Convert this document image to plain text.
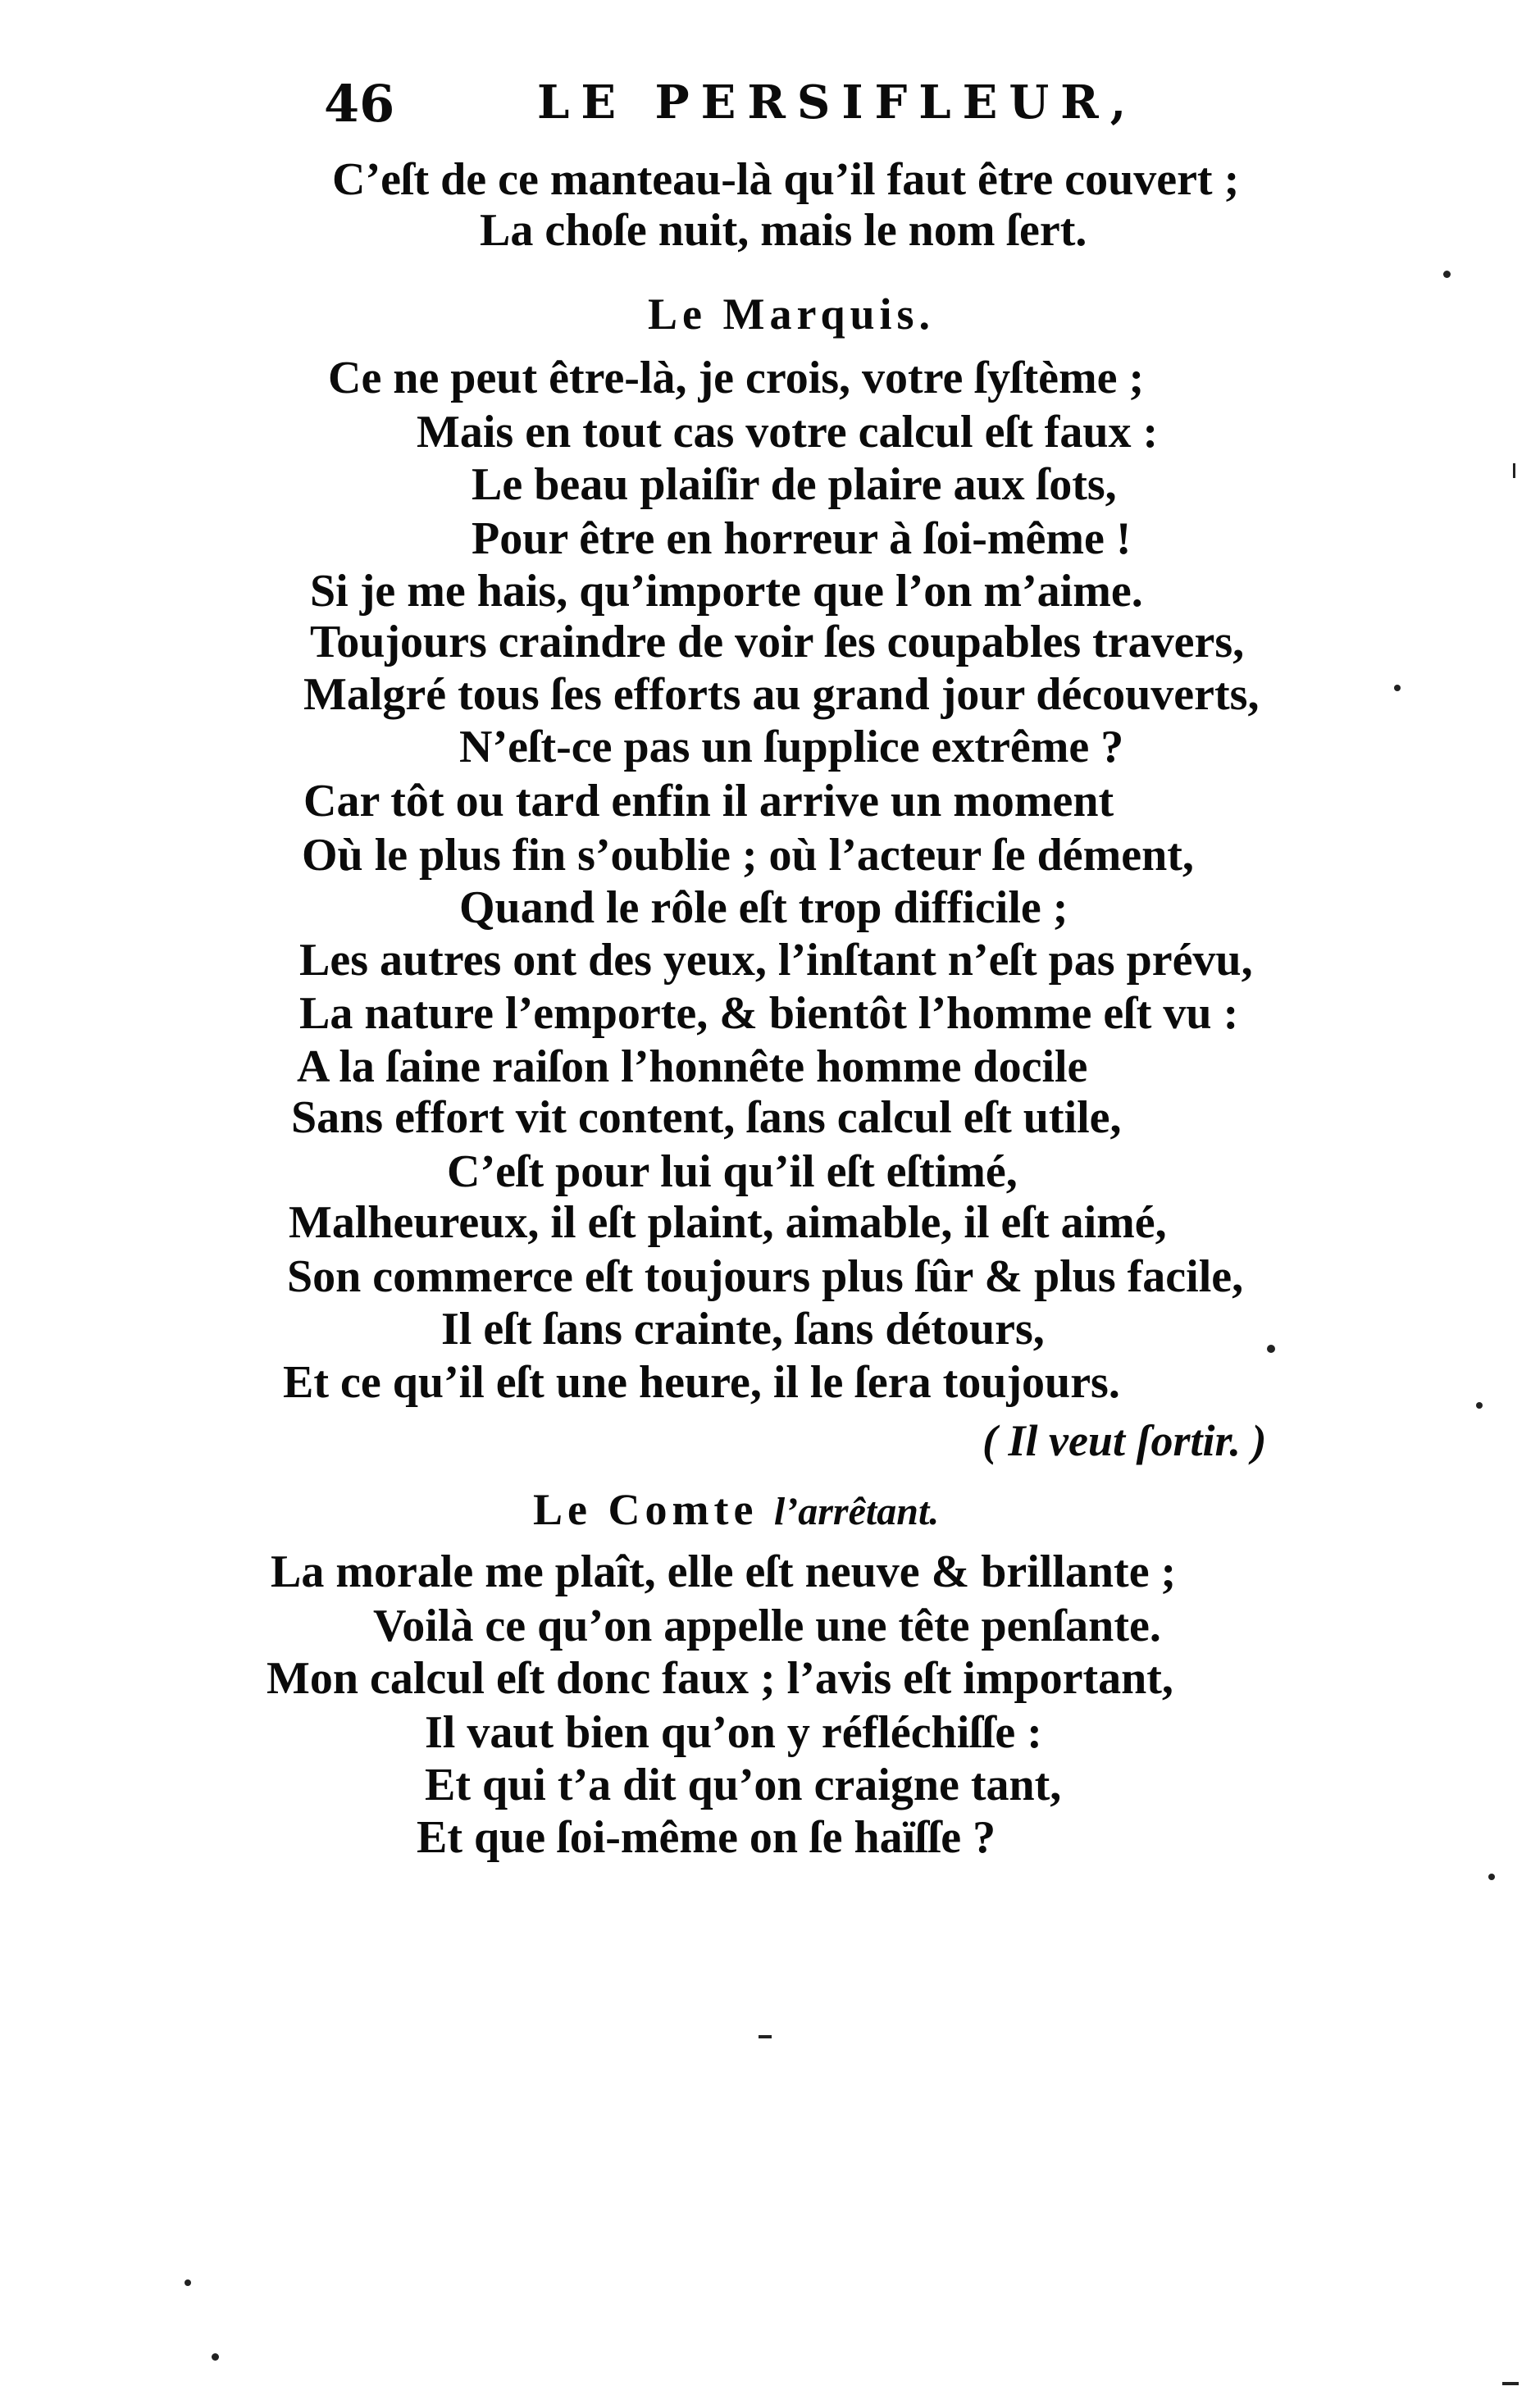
46	LE PERSIFLEUR,
C’eſt de ce manteau-là qu’il faut être couvert ;
La choſe nuit, mais le nom ſert.
Le Marquis.
Ce ne peut être-là, je crois, votre ſyſtème ;
Mais en tout cas votre calcul eſt faux :
Le beau plaiſir de plaire aux ſots,
Pour être en horreur à ſoi-même !
Si je me hais, qu’importe que l’on m’aime.
Toujours craindre de voir ſes coupables travers,
Malgré tous ſes efforts au grand jour découverts,
N’eſt-ce pas un ſupplice extrême ?
Car tôt ou tard enfin il arrive un moment
Où le plus fin s’oublie ; où l’acteur ſe dément,
Quand le rôle eſt trop difficile ;
Les autres ont des yeux, l’inſtant n’eſt pas prévu,
La nature l’emporte, & bientôt l’homme eſt vu :
A la ſaine raiſon l’honnête homme docile
Sans effort vit content, ſans calcul eſt utile,
C’eſt pour lui qu’il eſt eſtimé,
Malheureux, il eſt plaint, aimable, il eſt aimé,
Son commerce eſt toujours plus ſûr & plus facile,
Il eſt ſans crainte, ſans détours,
Et ce qu’il eſt une heure, il le ſera toujours.
( Il veut ſortir. )
Le Comte l’arrêtant.
La morale me plaît, elle eſt neuve & brillante ;
Voilà ce qu’on appelle une tête penſante.
Mon calcul eſt donc faux ; l’avis eſt important,
Il vaut bien qu’on y réfléchiſſe :
Et qui t’a dit qu’on craigne tant,
Et que ſoi-même on ſe haïſſe ?
